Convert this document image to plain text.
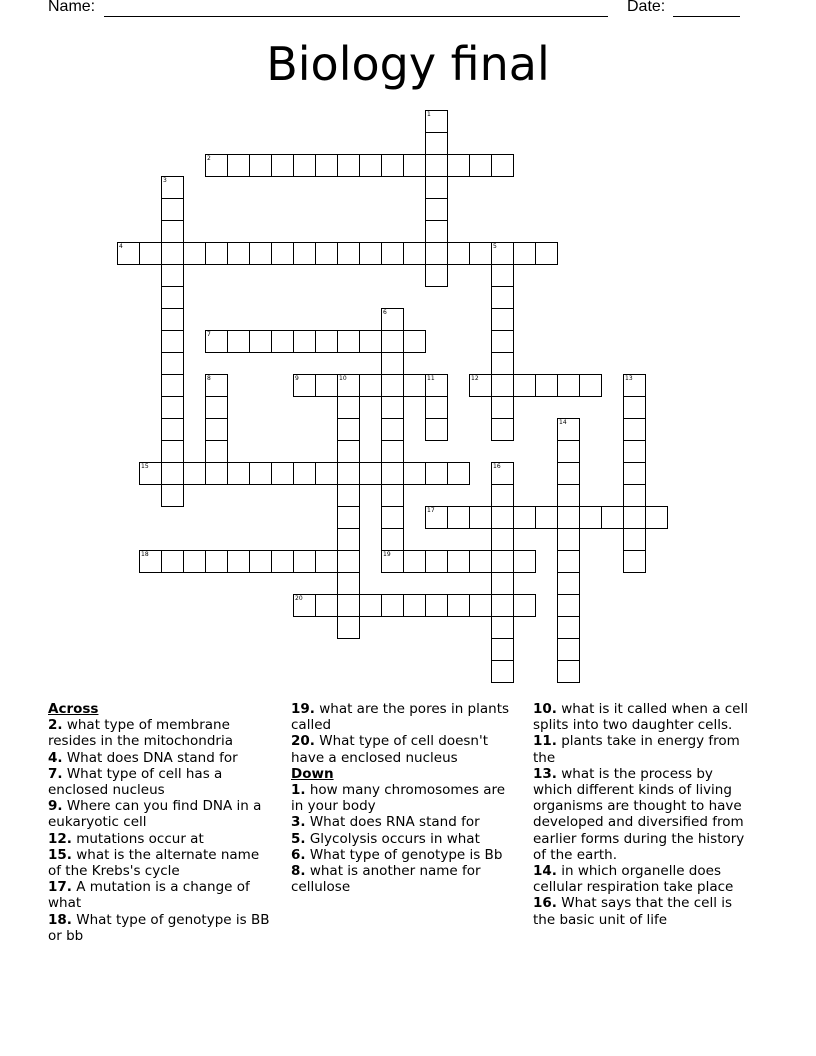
Name:	Date:
Biology final
1
2
3
4	5
6
19
7
8	9	10	11	12	13
14
15	16
17
18
20
Across

2. what type of membrane resides in the mitochondria

4. What does DNA stand for

7. What type of cell has a enclosed nucleus

9. Where can you find DNA in a eukaryotic cell

12. mutations occur at

15. what is the alternate name of the Krebs's cycle

17. A mutation is a change of what

18. What type of genotype is BB or bb

19. what are the pores in plants called

20. What type of cell doesn't have a enclosed nucleus

Down

1. how many chromosomes are in your body

3. What does RNA stand for

5. Glycolysis occurs in what

6. What type of genotype is Bb

8. what is another name for cellulose

10. what is it called when a cell splits into two daughter cells.

11. plants take in energy from the

13. what is the process by which different kinds of living organisms are thought to have developed and diversified from earlier forms during the history of the earth.

14. in which organelle does cellular respiration take place

16. What says that the cell is the basic unit of life
